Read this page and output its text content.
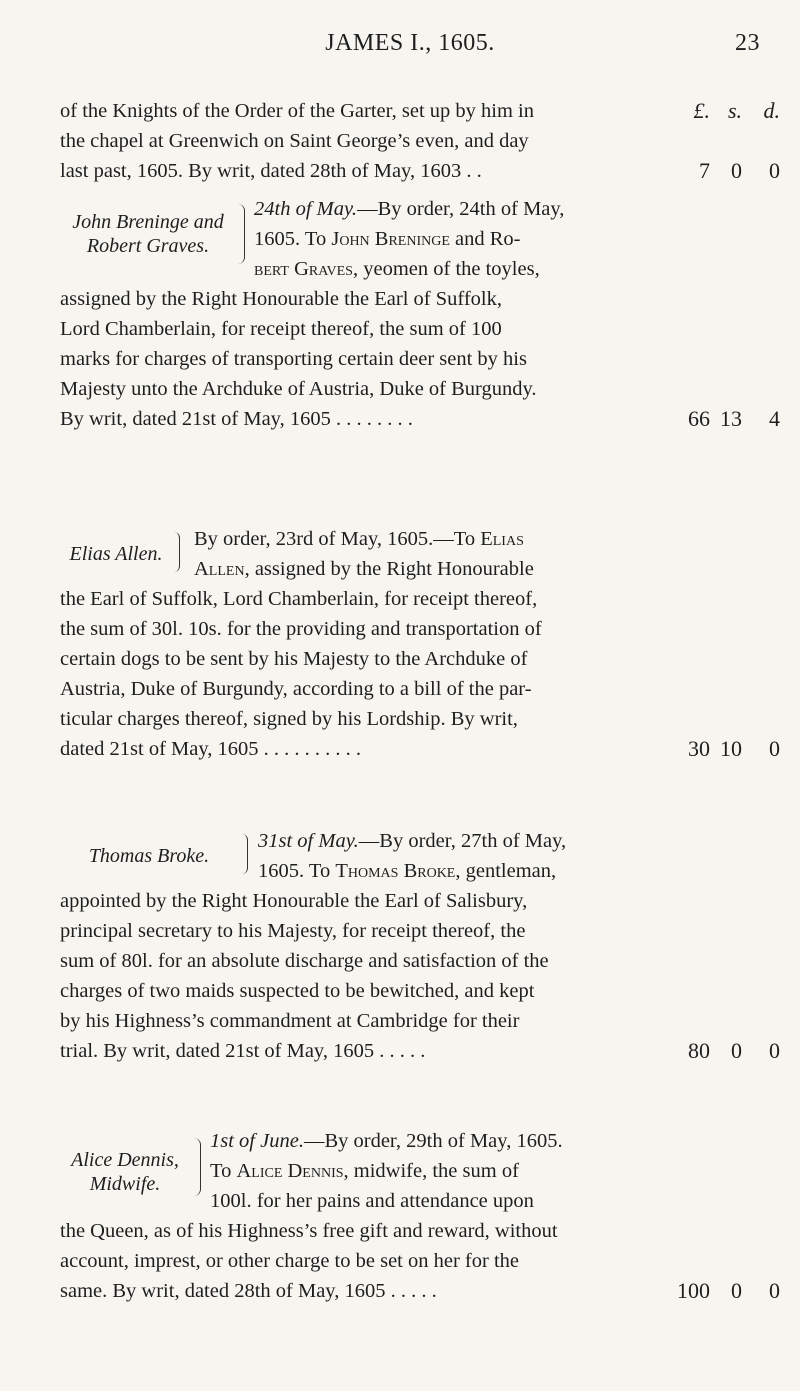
JAMES I., 1605.	23
of the Knights of the Order of the Garter, set up by him in
the chapel at Greenwich on Saint George’s even, and day
last past, 1605. By writ, dated 28th of May, 1603 . .
£. s. d.
7 0 0
John Breninge and
Robert Graves.
24th of May.—By order, 24th of May,
1605. To John Breninge and Ro-
bert Graves, yeomen of the toyles,
assigned by the Right Honourable the Earl of Suffolk,
Lord Chamberlain, for receipt thereof, the sum of 100
marks for charges of transporting certain deer sent by his
Majesty unto the Archduke of Austria, Duke of Burgundy.
By writ, dated 21st of May, 1605 . . . . . . . .	66 13 4
Elias Allen.
By order, 23rd of May, 1605.—To Elias
Allen, assigned by the Right Honourable
the Earl of Suffolk, Lord Chamberlain, for receipt thereof,
the sum of 30l. 10s. for the providing and transportation of
certain dogs to be sent by his Majesty to the Archduke of
Austria, Duke of Burgundy, according to a bill of the par-
ticular charges thereof, signed by his Lordship. By writ,
dated 21st of May, 1605 . . . . . . . . . .	30 10 0
Thomas Broke.
31st of May.—By order, 27th of May,
1605. To Thomas Broke, gentleman,
appointed by the Right Honourable the Earl of Salisbury,
principal secretary to his Majesty, for receipt thereof, the
sum of 80l. for an absolute discharge and satisfaction of the
charges of two maids suspected to be bewitched, and kept
by his Highness’s commandment at Cambridge for their
trial. By writ, dated 21st of May, 1605 . . . . .	80 0 0
Alice Dennis,
Midwife.
1st of June.—By order, 29th of May, 1605.
To Alice Dennis, midwife, the sum of
100l. for her pains and attendance upon
the Queen, as of his Highness’s free gift and reward, without
account, imprest, or other charge to be set on her for the
same. By writ, dated 28th of May, 1605 . . . . .	100 0 0
